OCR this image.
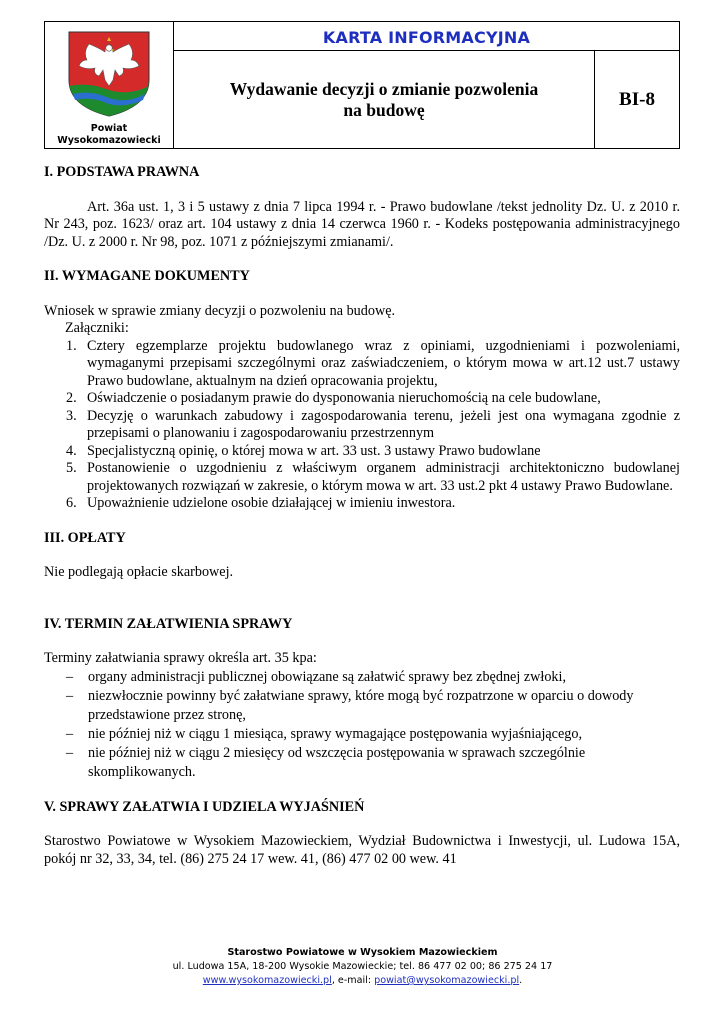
Powiat
Wysokomazowiecki
KARTA INFORMACYJNA
Wydawanie decyzji o zmianie pozwolenia
na budowę	BI-8
I. PODSTAWA PRAWNA
Art. 36a ust. 1, 3 i 5 ustawy z dnia 7 lipca 1994 r. - Prawo budowlane /tekst jednolity Dz. U. z 2010 r. Nr 243, poz. 1623/ oraz art. 104 ustawy z dnia 14 czerwca 1960 r. - Kodeks postępowania administracyjnego /Dz. U. z 2000 r. Nr 98, poz. 1071 z późniejszymi zmianami/.
II. WYMAGANE DOKUMENTY
Wniosek w sprawie zmiany decyzji o pozwoleniu na budowę.
Załączniki:
1. Cztery egzemplarze projektu budowlanego wraz z opiniami, uzgodnieniami i pozwoleniami, wymaganymi przepisami szczególnymi oraz zaświadczeniem, o którym mowa w art.12 ust.7 ustawy Prawo budowlane, aktualnym na dzień opracowania projektu,
2. Oświadczenie o posiadanym prawie do dysponowania nieruchomością na cele budowlane,
3. Decyzję o warunkach zabudowy i zagospodarowania terenu, jeżeli jest ona wymagana zgodnie z przepisami o planowaniu i zagospodarowaniu przestrzennym
4. Specjalistyczną opinię, o której mowa w art. 33 ust. 3 ustawy Prawo budowlane
5. Postanowienie o uzgodnieniu z właściwym organem administracji architektoniczno budowlanej projektowanych rozwiązań w zakresie, o którym mowa w art. 33 ust.2 pkt 4 ustawy Prawo Budowlane.
6. Upoważnienie udzielone osobie działającej w imieniu inwestora.
III. OPŁATY
Nie podlegają opłacie skarbowej.
IV. TERMIN ZAŁATWIENIA SPRAWY
Terminy załatwiania sprawy określa art. 35 kpa:
– organy administracji publicznej obowiązane są załatwić sprawy bez zbędnej zwłoki,
– niezwłocznie powinny być załatwiane sprawy, które mogą być rozpatrzone w oparciu o dowody przedstawione przez stronę,
– nie później niż w ciągu 1 miesiąca, sprawy wymagające postępowania wyjaśniającego,
– nie później niż w ciągu 2 miesięcy od wszczęcia postępowania w sprawach szczególnie skomplikowanych.
V. SPRAWY ZAŁATWIA I UDZIELA WYJAŚNIEŃ
Starostwo Powiatowe w Wysokiem Mazowieckiem, Wydział Budownictwa i Inwestycji, ul. Ludowa 15A, pokój nr 32, 33, 34, tel. (86) 275 24 17 wew. 41, (86) 477 02 00 wew. 41
Starostwo Powiatowe w Wysokiem Mazowieckiem
ul. Ludowa 15A, 18-200 Wysokie Mazowieckie; tel. 86 477 02 00; 86 275 24 17
www.wysokomazowiecki.pl, e-mail: powiat@wysokomazowiecki.pl.
